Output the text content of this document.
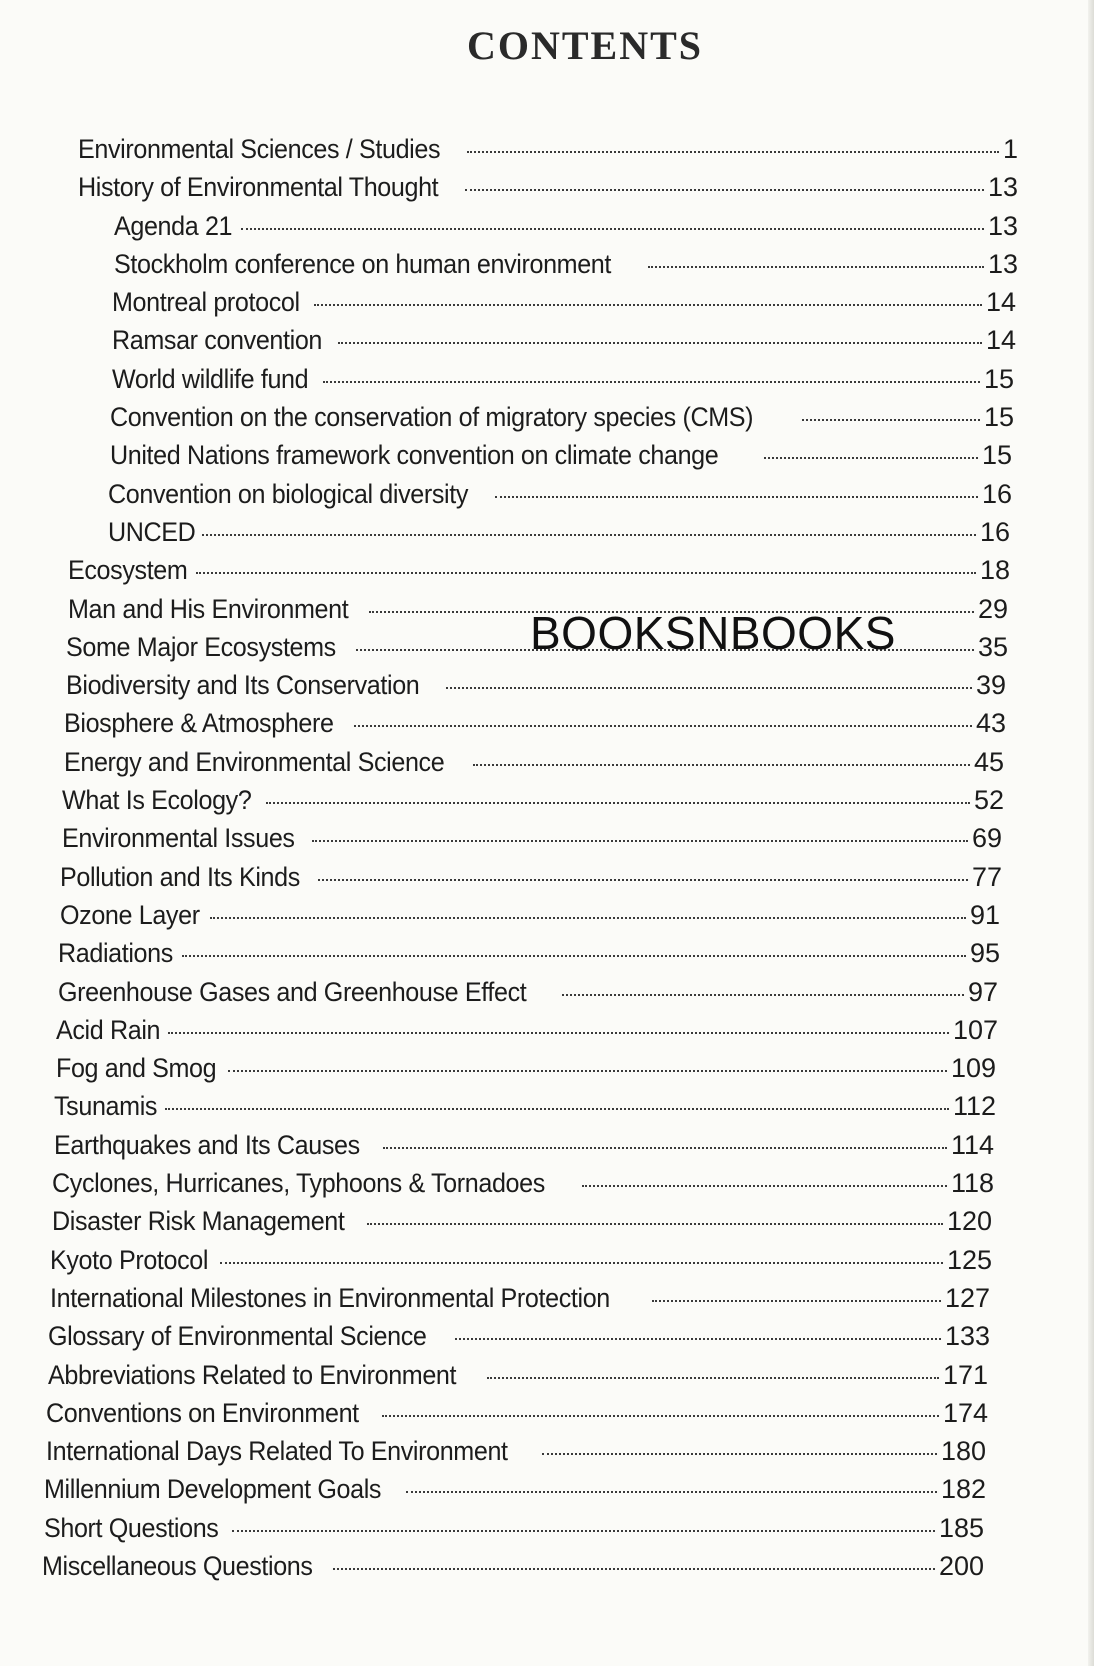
CONTENTS
Environmental Sciences / Studies	1
History of Environmental Thought	13
Agenda 21	13
Stockholm conference on human environment	13
Montreal protocol	14
Ramsar convention	14
World wildlife fund	15
Convention on the conservation of migratory species (CMS)	15
United Nations framework convention on climate change	15
Convention on biological diversity	16
UNCED	16
Ecosystem	18
Man and His Environment	29
Some Major Ecosystems	35
Biodiversity and Its Conservation	39
Biosphere & Atmosphere	43
Energy and Environmental Science	45
What Is Ecology?	52
Environmental Issues	69
Pollution and Its Kinds	77
Ozone Layer	91
Radiations	95
Greenhouse Gases and Greenhouse Effect	97
Acid Rain	107
Fog and Smog	109
Tsunamis	112
Earthquakes and Its Causes	114
Cyclones, Hurricanes, Typhoons & Tornadoes	118
Disaster Risk Management	120
Kyoto Protocol	125
International Milestones in Environmental Protection	127
Glossary of Environmental Science	133
Abbreviations Related to Environment	171
Conventions on Environment	174
International Days Related To Environment	180
Millennium Development Goals	182
Short Questions	185
Miscellaneous Questions	200
BOOKSNBOOKS
